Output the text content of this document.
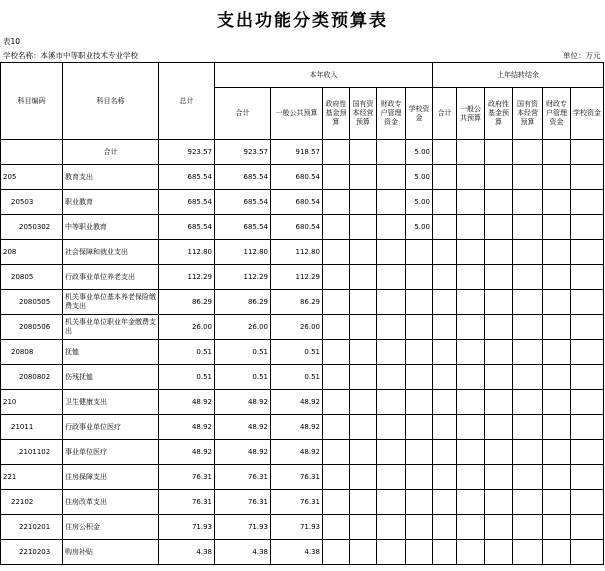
支出功能分类预算表
表10
学校名称：本溪市中等职业技术专业学校	单位：万元
科目编码	科目名称	总计	本年收入						上年结转结余					
			合计	一般公共预算	政府性基金预算	国有资本经营预算	财政专户管理资金	学校资金	合计	一般公共预算	政府性基金预算	国有资本经营预算	财政专户管理资金	学校资金
	合计	923.57	923.57	918.57				5.00						
205	教育支出	685.54	685.54	680.54				5.00						
20503	职业教育	685.54	685.54	680.54				5.00						
2050302	中等职业教育	685.54	685.54	680.54				5.00						
208	社会保障和就业支出	112.80	112.80	112.80										
20805	行政事业单位养老支出	112.29	112.29	112.29										
2080505	机关事业单位基本养老保险缴费支出	86.29	86.29	86.29										
2080506	机关事业单位职业年金缴费支出	26.00	26.00	26.00										
20808	抚恤	0.51	0.51	0.51										
2080802	伤残抚恤	0.51	0.51	0.51										
210	卫生健康支出	48.92	48.92	48.92										
21011	行政事业单位医疗	48.92	48.92	48.92										
2101102	事业单位医疗	48.92	48.92	48.92										
221	住房保障支出	76.31	76.31	76.31										
22102	住房改革支出	76.31	76.31	76.31										
2210201	住房公积金	71.93	71.93	71.93										
2210203	购房补贴	4.38	4.38	4.38										
